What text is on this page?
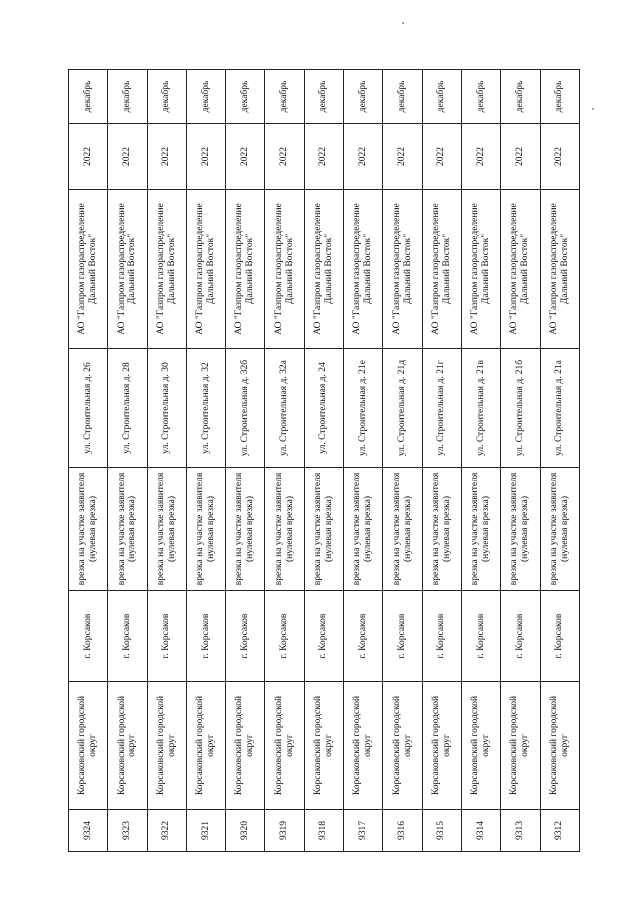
9324	Корсаковский городской округ	г. Корсаков	врезка на участке заявителя (нулевая врезка)	ул. Строительная д. 26	АО "Газпром газораспределение Дальний Восток"	2022	декабрь
9323	Корсаковский городской округ	г. Корсаков	врезка на участке заявителя (нулевая врезка)	ул. Строительная д. 28	АО "Газпром газораспределение Дальний Восток"	2022	декабрь
9322	Корсаковский городской округ	г. Корсаков	врезка на участке заявителя (нулевая врезка)	ул. Строительная д. 30	АО "Газпром газораспределение Дальний Восток"	2022	декабрь
9321	Корсаковский городской округ	г. Корсаков	врезка на участке заявителя (нулевая врезка)	ул. Строительная д. 32	АО "Газпром газораспределение Дальний Восток"	2022	декабрь
9320	Корсаковский городской округ	г. Корсаков	врезка на участке заявителя (нулевая врезка)	ул. Строительная д. 32б	АО "Газпром газораспределение Дальний Восток"	2022	декабрь
9319	Корсаковский городской округ	г. Корсаков	врезка на участке заявителя (нулевая врезка)	ул. Строительная д. 32а	АО "Газпром газораспределение Дальний Восток"	2022	декабрь
9318	Корсаковский городской округ	г. Корсаков	врезка на участке заявителя (нулевая врезка)	ул. Строительная д. 24	АО "Газпром газораспределение Дальний Восток"	2022	декабрь
9317	Корсаковский городской округ	г. Корсаков	врезка на участке заявителя (нулевая врезка)	ул. Строительная д. 21е	АО "Газпром газораспределение Дальний Восток"	2022	декабрь
9316	Корсаковский городской округ	г. Корсаков	врезка на участке заявителя (нулевая врезка)	ул. Строительная д. 21д	АО "Газпром газораспределение Дальний Восток"	2022	декабрь
9315	Корсаковский городской округ	г. Корсаков	врезка на участке заявителя (нулевая врезка)	ул. Строительная д. 21г	АО "Газпром газораспределение Дальний Восток"	2022	декабрь
9314	Корсаковский городской округ	г. Корсаков	врезка на участке заявителя (нулевая врезка)	ул. Строительная д. 21в	АО "Газпром газораспределение Дальний Восток"	2022	декабрь
9313	Корсаковский городской округ	г. Корсаков	врезка на участке заявителя (нулевая врезка)	ул. Строительная д. 21б	АО "Газпром газораспределение Дальний Восток"	2022	декабрь
9312	Корсаковский городской округ	г. Корсаков	врезка на участке заявителя (нулевая врезка)	ул. Строительная д. 21а	АО "Газпром газораспределение Дальний Восток"	2022	декабрь
